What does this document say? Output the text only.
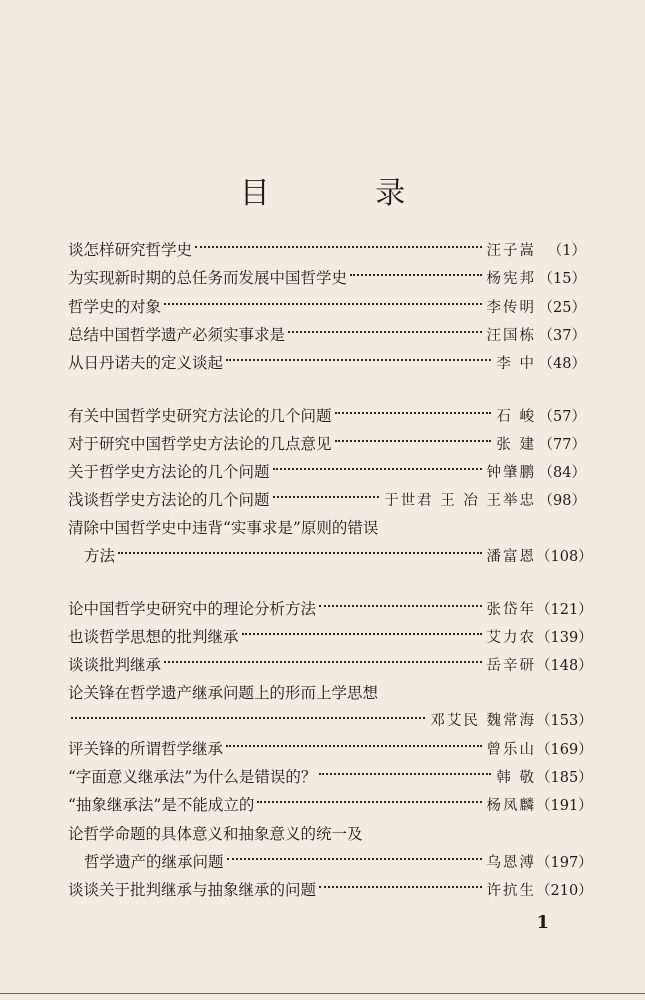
目 录
谈怎样研究哲学史	汪子嵩 （1）
为实现新时期的总任务而发展中国哲学史	杨宪邦 （15）
哲学史的对象	李传明 （25）
总结中国哲学遗产必须实事求是	汪国栋 （37）
从日丹诺夫的定义谈起	李 中 （48）
有关中国哲学史研究方法论的几个问题	石 峻 （57）
对于研究中国哲学史方法论的几点意见	张 建 （77）
关于哲学史方法论的几个问题	钟肇鹏 （84）
浅谈哲学史方法论的几个问题	于世君 王 冶 王举忠 （98）
清除中国哲学史中违背“实事求是”原则的错误
方法	潘富恩 （108）
论中国哲学史研究中的理论分析方法	张岱年 （121）
也谈哲学思想的批判继承	艾力农 （139）
谈谈批判继承	岳辛研 （148）
论关锋在哲学遗产继承问题上的形而上学思想
邓艾民 魏常海 （153）
评关锋的所谓哲学继承	曾乐山 （169）
“字面意义继承法”为什么是错误的？	韩 敬 （185）
“抽象继承法”是不能成立的	杨凤麟 （191）
论哲学命题的具体意义和抽象意义的统一及
哲学遗产的继承问题	乌恩溥 （197）
谈谈关于批判继承与抽象继承的问题	许抗生 （210）
1
